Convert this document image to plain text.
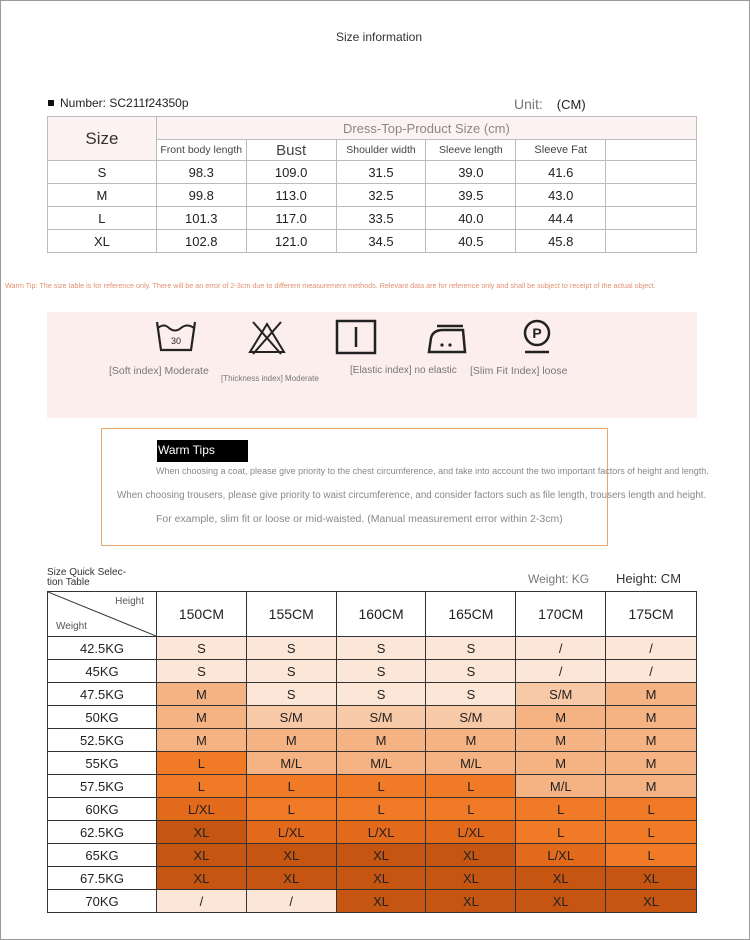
Size information
Number: SC211f24350p	Unit: (CM)
Size	Dress-Top-Product Size (cm)					
	Front body length	Bust	Shoulder width	Sleeve length	Sleeve Fat	
S	98.3	109.0	31.5	39.0	41.6	
M	99.8	113.0	32.5	39.5	43.0	
L	101.3	117.0	33.5	40.0	44.4	
XL	102.8	121.0	34.5	40.5	45.8	
Warm Tip: The size table is for reference only. There will be an error of 2-3cm due to different measurement methods. Relevant data are for reference only and shall be subject to receipt of the actual object.
30	P
[Soft index] Moderate
[Thickness index] Moderate
[Elastic index] no elastic [Slim Fit Index] loose
Warm Tips
When choosing a coat, please give priority to the chest circumference, and take into account the two important factors of height and length.
When choosing trousers, please give priority to waist circumference, and consider factors such as file length, trousers length and height.
For example, slim fit or loose or mid-waisted. (Manual measurement error within 2-3cm)
Size Quick Selec-
tion Table	Weight: KG Height: CM
Height
Weight	150CM	155CM	160CM	165CM	170CM	175CM
42.5KG	S	S	S	S	/	/
45KG	S	S	S	S	/	/
47.5KG	M	S	S	S	S/M	M
50KG	M	S/M	S/M	S/M	M	M
52.5KG	M	M	M	M	M	M
55KG	L	M/L	M/L	M/L	M	M
57.5KG	L	L	L	L	M/L	M
60KG	L/XL	L	L	L	L	L
62.5KG	XL	L/XL	L/XL	L/XL	L	L
65KG	XL	XL	XL	XL	L/XL	L
67.5KG	XL	XL	XL	XL	XL	XL
70KG	/	/	XL	XL	XL	XL
